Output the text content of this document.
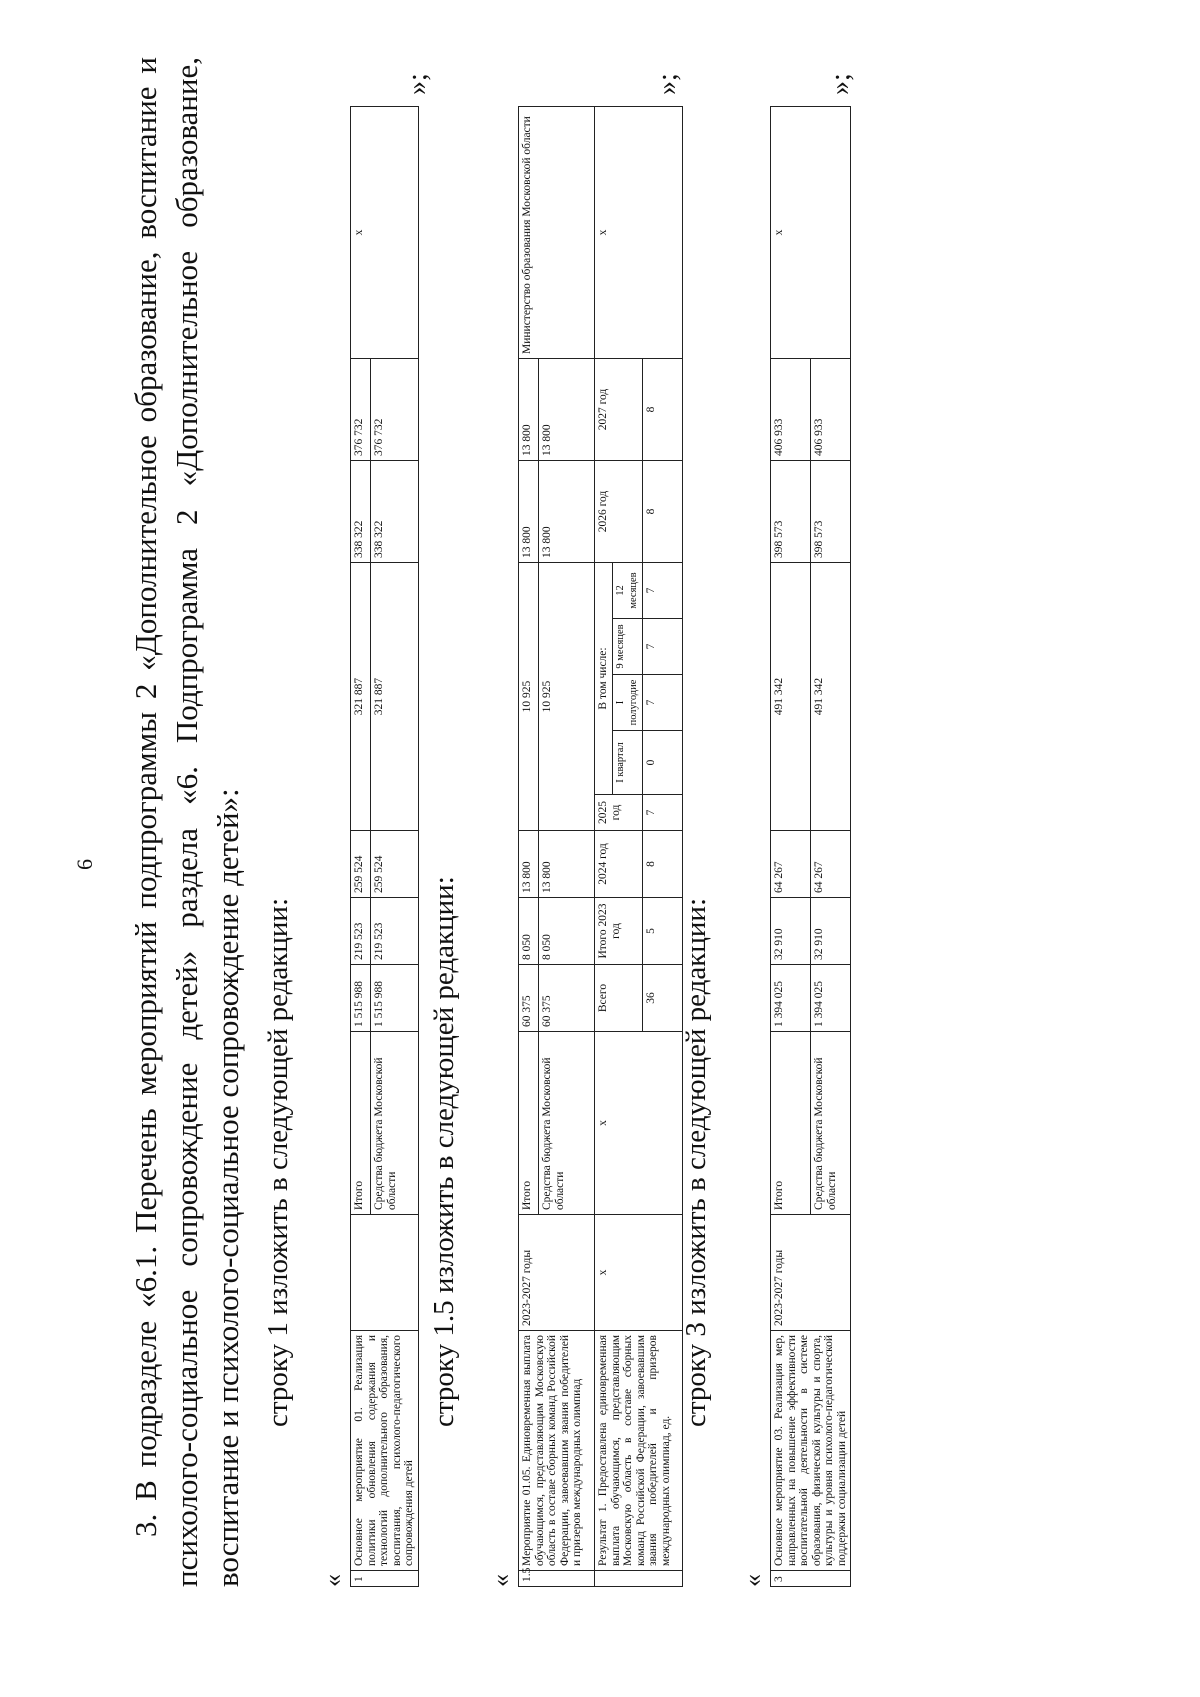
6 3. В подразделе «6.1. Перечень мероприятий подпрограммы 2 «Дополнительное образование, воспитание и психолого-социальное сопровождение детей» раздела «6. Подпрограмма 2 «Дополнительное образование, воспитание и психолого-социальное сопровождение детей»: строку 1 изложить в следующей редакции:
« 1	Основное мероприятие 01. Реализация политики обновления содержания и технологий дополнительного образования, воспитания, психолого-педагогического сопровождения детей		Итого	1 515 988	219 523	259 524	321 887	338 322	376 732	х
			Средства бюджета Московской области	1 515 988	219 523	259 524	321 887	338 322	376 732	
»;
строку 1.5 изложить в следующей редакции:
« 1.5	Мероприятие 01.05. Единовременная выплата обучающимся, представляющим Московскую область в составе сборных команд Российской Федерации, завоевавшим звания победителей и призеров международных олимпиад	2023-2027 годы	Итого	60 375	8 050	13 800	10 925					13 800	13 800	Министерство образования Московской области
			Средства бюджета Московской области	60 375	8 050	13 800	10 925					13 800	13 800	
	Результат 1. Предоставлена единовременная выплата обучающимся, представляющим Московскую область в составе сборных команд Российской Федерации, завоевавшим звания победителей и призеров международных олимпиад, ед.	х	х	Всего	Итого 2023 год	2024 год	2025 год	В том числе:				2026 год	2027 год	х
								I квартал	I полугодие	9 месяцев	12 месяцев			
				36	5	8	7	0	7	7	7	8	8	
»;
строку 3 изложить в следующей редакции:
« 3	Основное мероприятие 03. Реализация мер, направленных на повышение эффективности воспитательной деятельности в системе образования, физической культуры и спорта, культуры и уровня психолого-педагогической поддержки социализации детей	2023-2027 годы	Итого	1 394 025	32 910	64 267	491 342	398 573	406 933	х
			Средства бюджета Московской области	1 394 025	32 910	64 267	491 342	398 573	406 933	
»;
